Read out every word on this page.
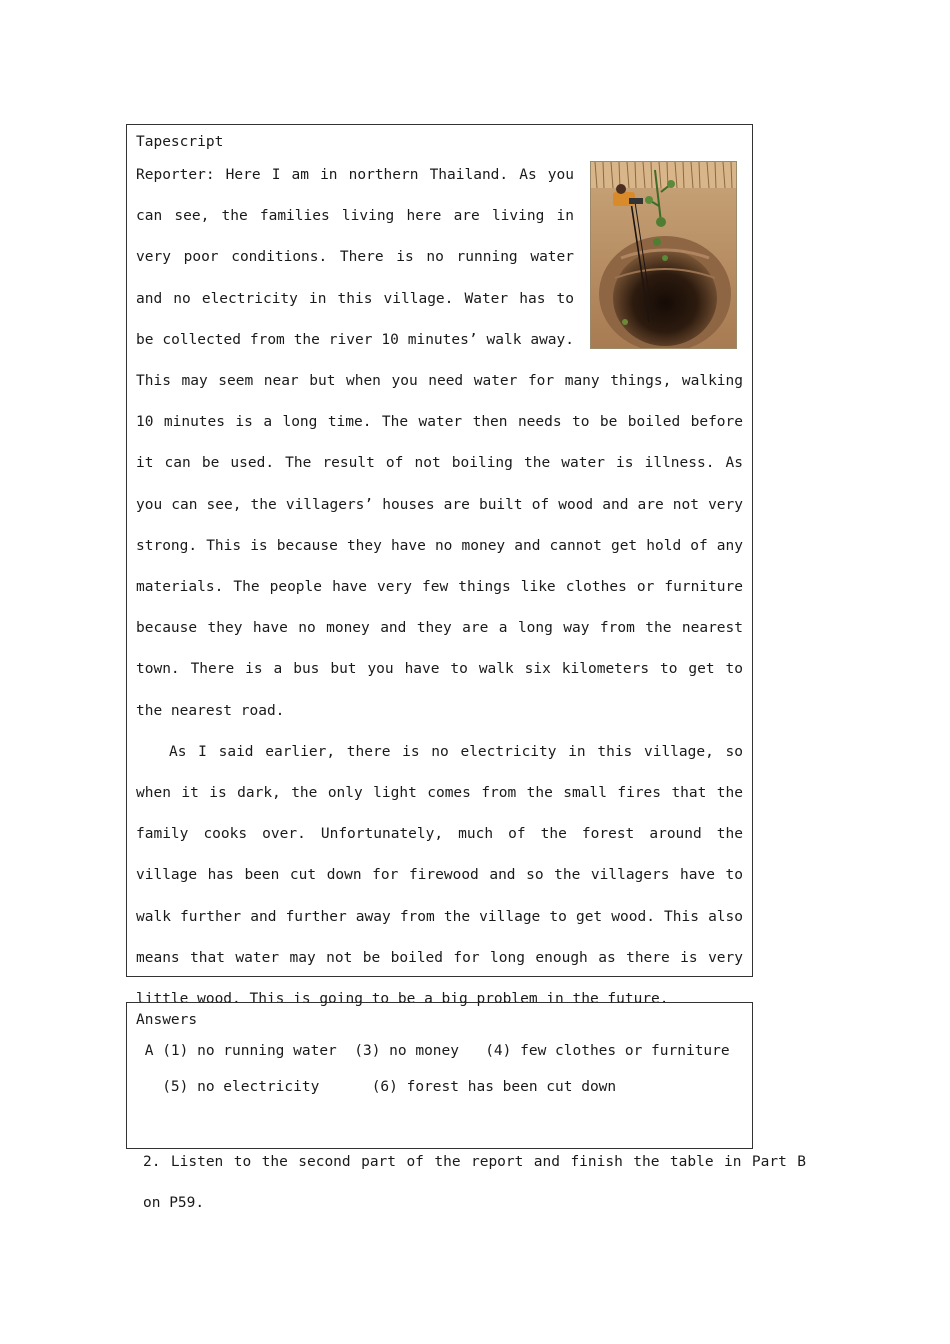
Tapescript

Reporter: Here I am in northern Thailand. As you can see, the families living here are living in very poor conditions. There is no running water and no electricity in this village. Water has to be collected from the river 10 minutes’ walk away. This may seem near but when you need water for many things, walking 10 minutes is a long time. The water then needs to be boiled before it can be used. The result of not boiling the water is illness. As you can see, the villagers’ houses are built of wood and are not very strong. This is because they have no money and cannot get hold of any materials. The people have very few things like clothes or furniture because they have no money and they are a long way from the nearest town. There is a bus but you have to walk six kilometers to get to the nearest road.

As I said earlier, there is no electricity in this village, so when it is dark, the only light comes from the small fires that the family cooks over. Unfortunately, much of the forest around the village has been cut down for firewood and so the villagers have to walk further and further away from the village to get wood. This also means that water may not be boiled for long enough as there is very little wood. This is going to be a big problem in the future.

Answers

A (1) no running water  (3) no money   (4) few clothes or furniture

(5) no electricity      (6) forest has been cut down

2. Listen to the second part of the report and finish the table in Part B on P59.
